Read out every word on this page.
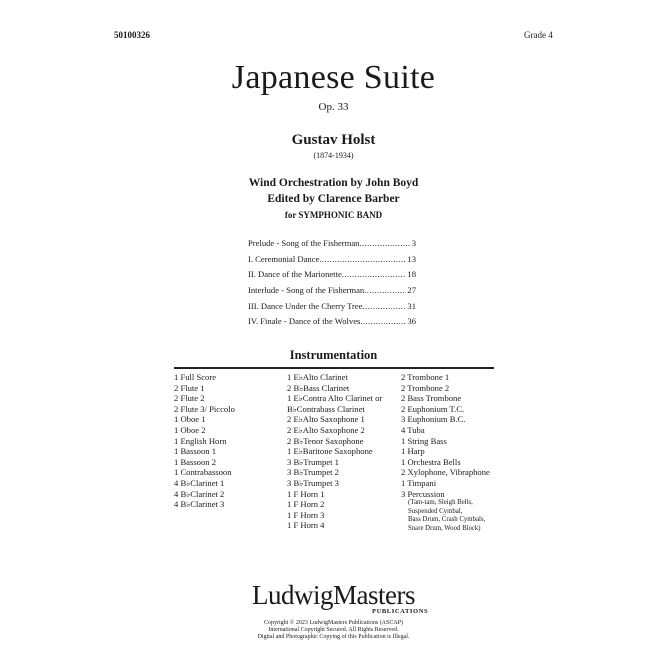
50100326	Grade 4
Japanese Suite
Op. 33
Gustav Holst
(1874-1934)
Wind Orchestration by John Boyd
Edited by Clarence Barber
for SYMPHONIC BAND
Prelude - Song of the Fisherman .....	3
I. Ceremonial Dance .....	13
II. Dance of the Marionette .....	18
Interlude - Song of the Fisherman .....	27
III. Dance Under the Cherry Tree .....	31
IV. Finale - Dance of the Wolves .....	36
Instrumentation
1 Full Score
2 Flute 1
2 Flute 2
2 Flute 3/ Piccolo
1 Oboe 1
1 Oboe 2
1 English Horn
1 Bassoon 1
1 Bassoon 2
1 Contrabassoon
4 B♭Clarinet 1
4 B♭Clarinet 2
4 B♭Clarinet 3
1 E♭Alto Clarinet
2 B♭Bass Clarinet
1 E♭Contra Alto Clarinet or
B♭Contrabass Clarinet
2 E♭Alto Saxophone 1
2 E♭Alto Saxophone 2
2 B♭Tenor Saxophone
1 E♭Baritone Saxophone
3 B♭Trumpet 1
3 B♭Trumpet 2
3 B♭Trumpet 3
1 F Horn 1
1 F Horn 2
1 F Horn 3
1 F Horn 4
2 Trombone 1
2 Trombone 2
2 Bass Trombone
2 Euphonium T.C.
3 Euphonium B.C.
4 Tuba
1 String Bass
1 Harp
1 Orchestra Bells
2 Xylophone, Vibraphone
1 Timpani
3 Percussion
(Tam-tam, Sleigh Bells,
Suspended Cymbal,
Bass Drum, Crash Cymbals,
Snare Drum, Wood Block)
LudwigMasters
PUBLICATIONS
Copyright © 2023 LudwigMasters Publications (ASCAP)
International Copyright Secured. All Rights Reserved.
Digital and Photographic Copying of this Publication is Illegal.
